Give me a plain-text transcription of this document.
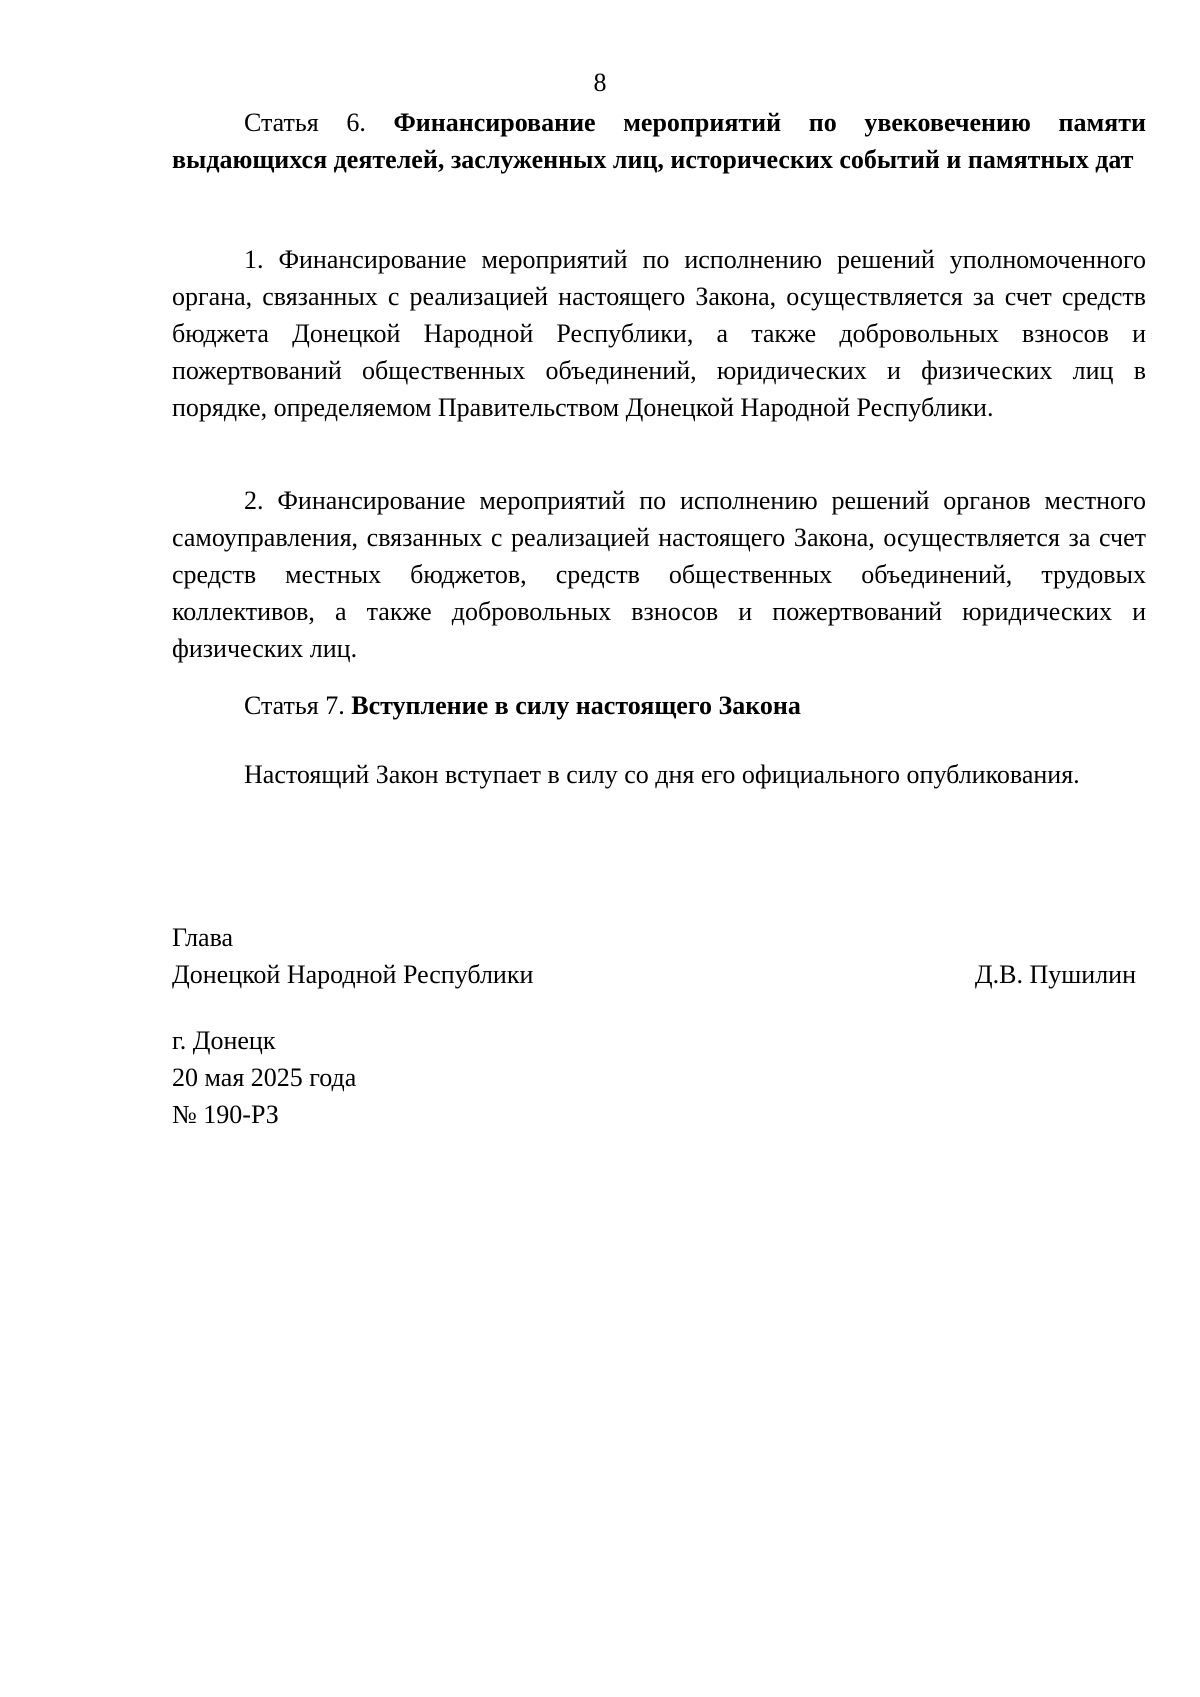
8

Статья 6. Финансирование мероприятий по увековечению памяти выдающихся деятелей, заслуженных лиц, исторических событий и памятных дат

1. Финансирование мероприятий по исполнению решений уполномоченного органа, связанных с реализацией настоящего Закона, осуществляется за счет средств бюджета Донецкой Народной Республики, а также добровольных взносов и пожертвований общественных объединений, юридических и физических лиц в порядке, определяемом Правительством Донецкой Народной Республики.

2. Финансирование мероприятий по исполнению решений органов местного самоуправления, связанных с реализацией настоящего Закона, осуществляется за счет средств местных бюджетов, средств общественных объединений, трудовых коллективов, а также добровольных взносов и пожертвований юридических и физических лиц.

Статья 7. Вступление в силу настоящего Закона

Настоящий Закон вступает в силу со дня его официального опубликования.

Глава
Донецкой Народной Республики	Д.В. Пушилин
г. Донецк
20 мая 2025 года
№ 190-РЗ
